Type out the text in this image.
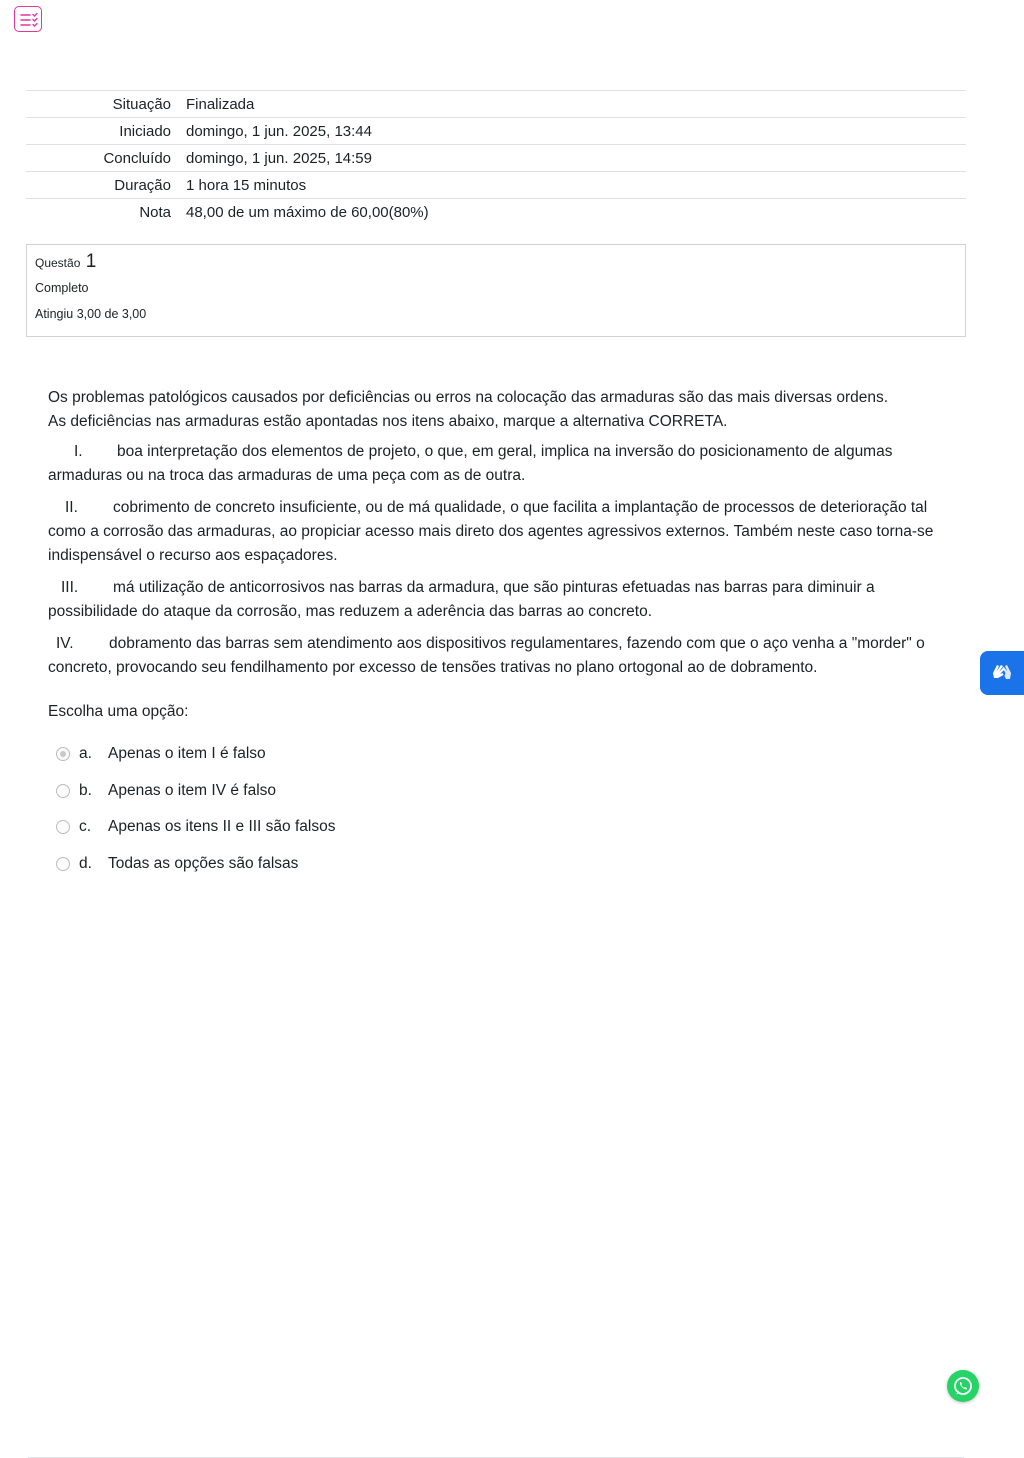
Situação	Finalizada
Iniciado	domingo, 1 jun. 2025, 13:44
Concluído	domingo, 1 jun. 2025, 14:59
Duração	1 hora 15 minutos
Nota	48,00 de um máximo de 60,00(80%)
Questão 1
Completo
Atingiu 3,00 de 3,00
Os problemas patológicos causados por deficiências ou erros na colocação das armaduras são das mais diversas ordens.
As deficiências nas armaduras estão apontadas nos itens abaixo, marque a alternativa CORRETA.
I. boa interpretação dos elementos de projeto, o que, em geral, implica na inversão do posicionamento de algumas armaduras ou na troca das armaduras de uma peça com as de outra.
II. cobrimento de concreto insuficiente, ou de má qualidade, o que facilita a implantação de processos de deterioração tal como a corrosão das armaduras, ao propiciar acesso mais direto dos agentes agressivos externos. Também neste caso torna-se indispensável o recurso aos espaçadores.
III. má utilização de anticorrosivos nas barras da armadura, que são pinturas efetuadas nas barras para diminuir a possibilidade do ataque da corrosão, mas reduzem a aderência das barras ao concreto.
IV. dobramento das barras sem atendimento aos dispositivos regulamentares, fazendo com que o aço venha a "morder" o concreto, provocando seu fendilhamento por excesso de tensões trativas no plano ortogonal ao de dobramento.
Escolha uma opção:
a.	Apenas o item I é falso
b.	Apenas o item IV é falso
c.	Apenas os itens II e III são falsos
d.	Todas as opções são falsas
